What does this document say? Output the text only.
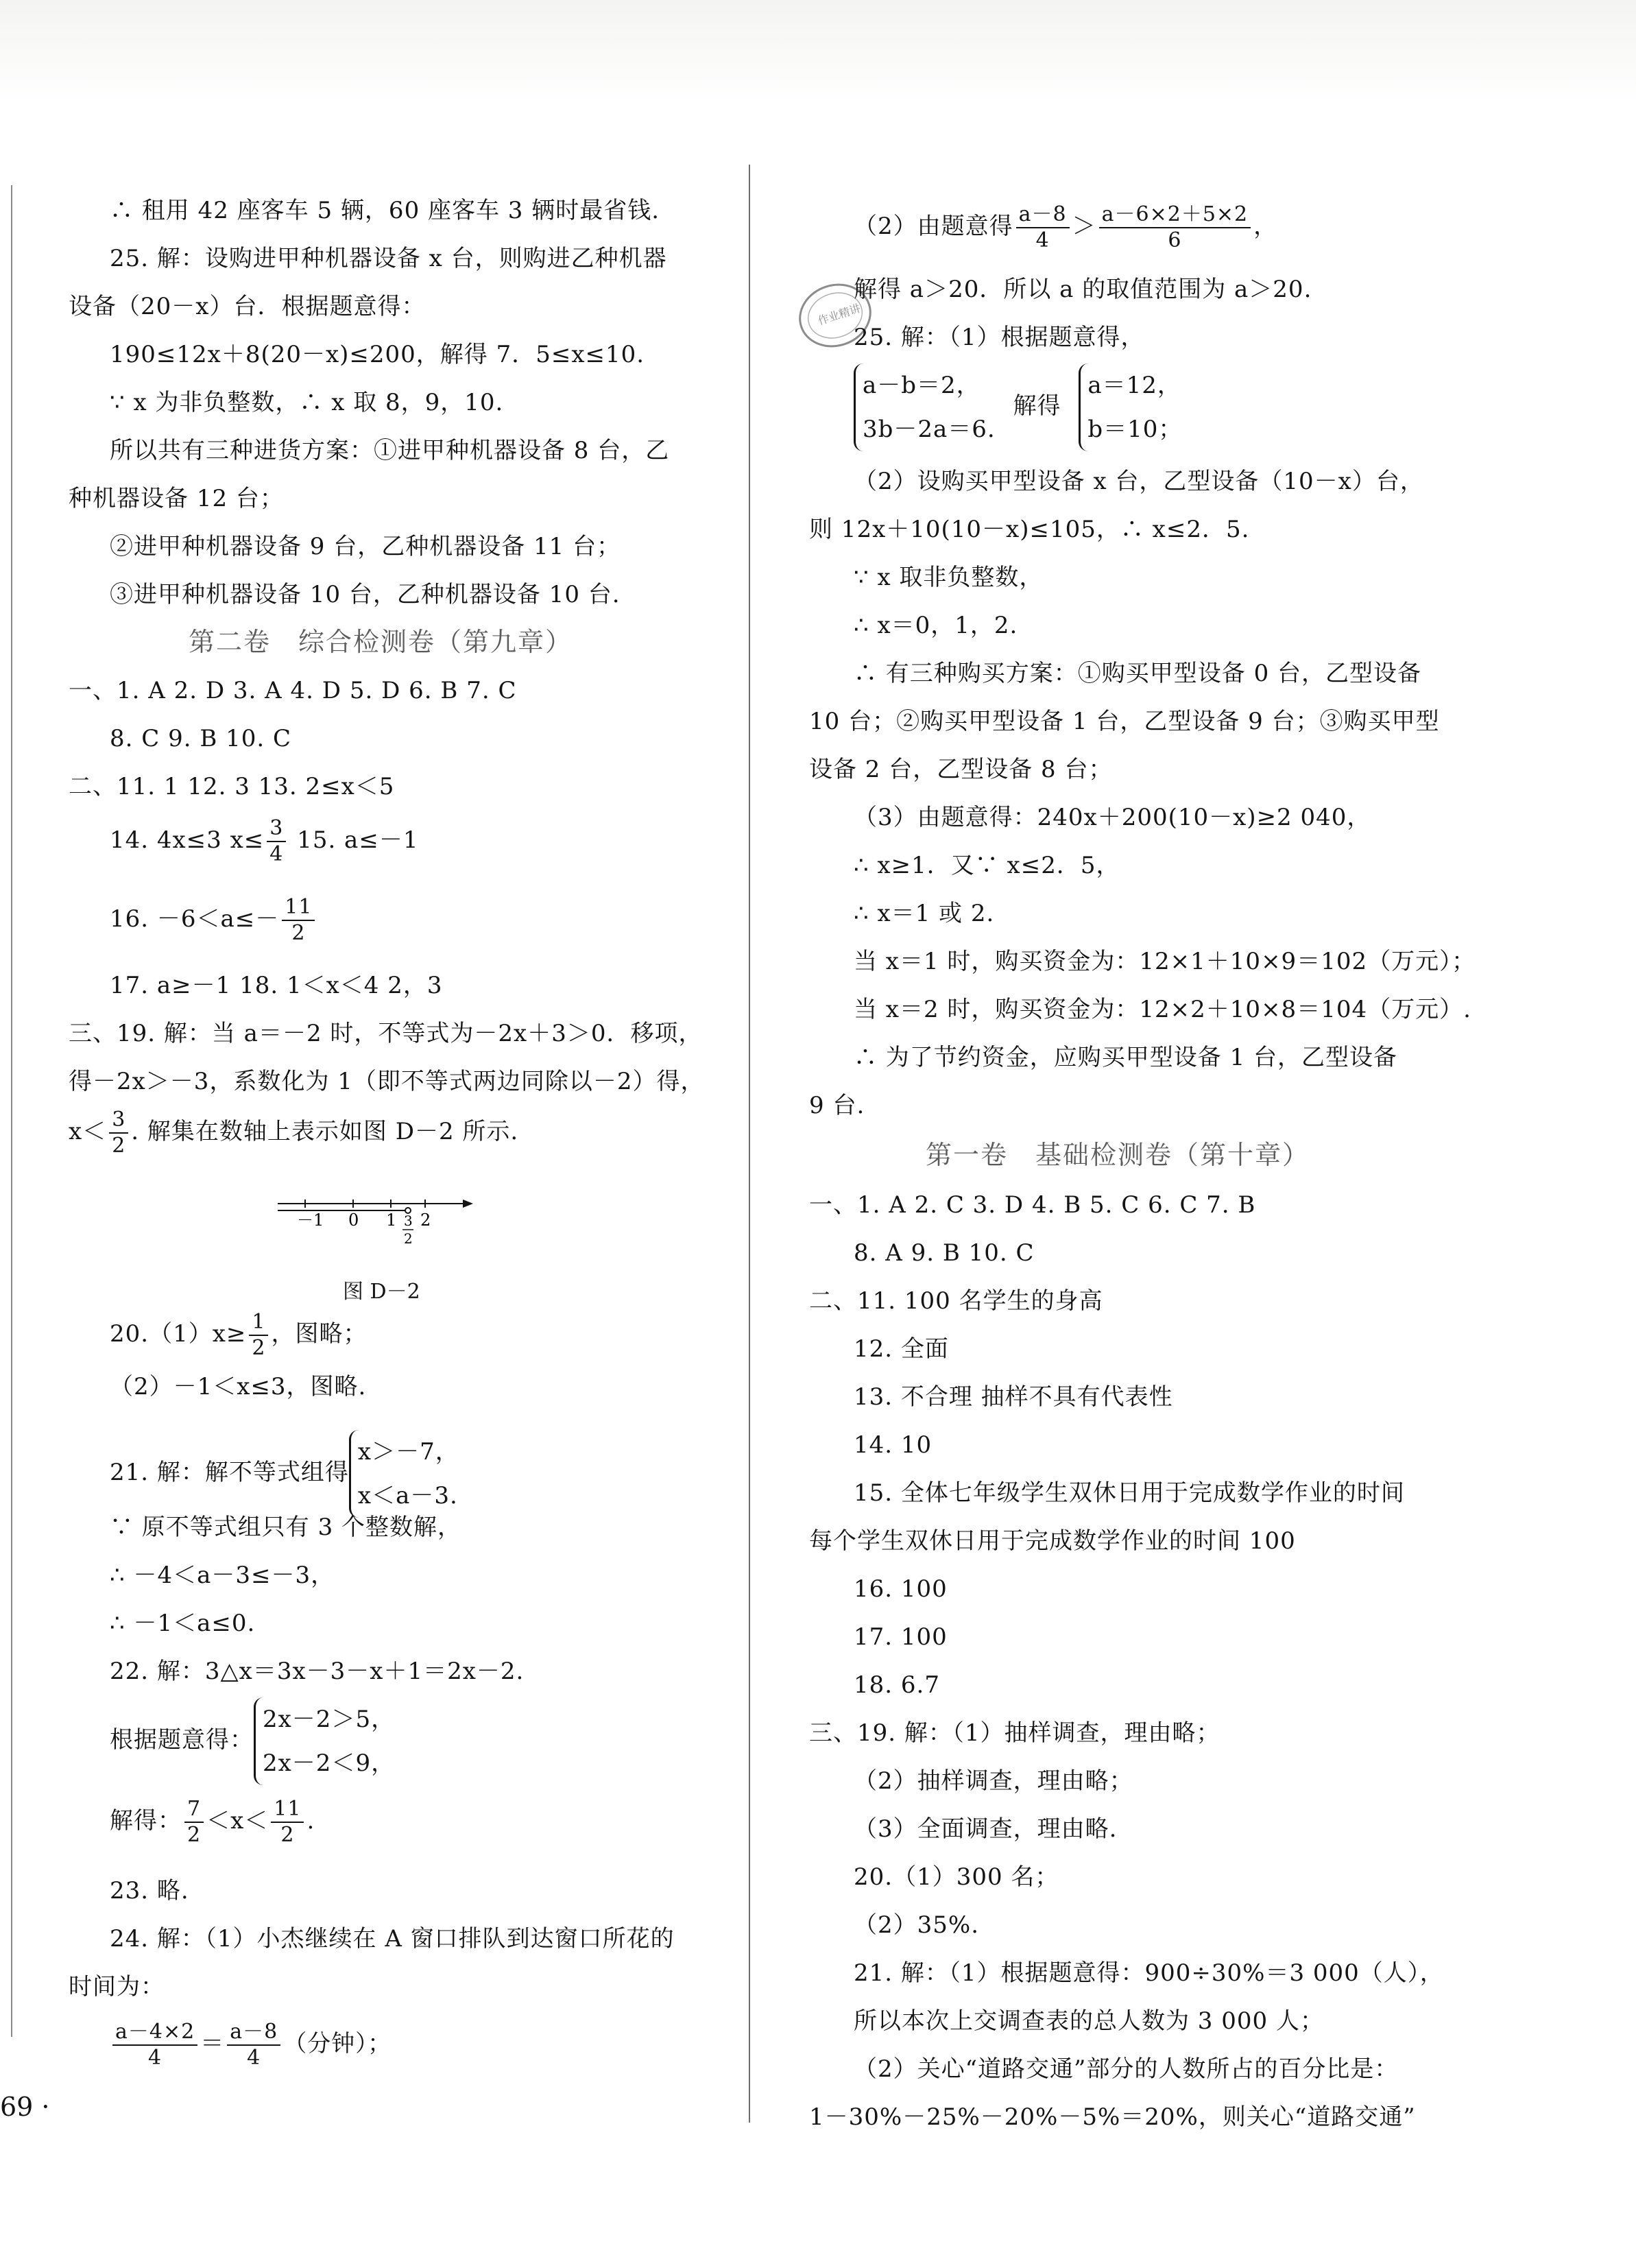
∴ 租用 42 座客车 5 辆，60 座客车 3 辆时最省钱.
25. 解：设购进甲种机器设备 x 台，则购进乙种机器
设备（20－x）台．根据题意得：
190≤12x＋8(20－x)≤200，解得 7．5≤x≤10.
∵ x 为非负整数，∴ x 取 8，9，10.
所以共有三种进货方案：①进甲种机器设备 8 台，乙
种机器设备 12 台；
②进甲种机器设备 9 台，乙种机器设备 11 台；
③进甲种机器设备 10 台，乙种机器设备 10 台.
第二卷　综合检测卷（第九章）
一、1. A 2. D 3. A 4. D 5. D 6. B 7. C
8. C 9. B 10. C
二、11. 1 12. 3 13. 2≤x＜5
14. 4x≤3 $x\le \frac{3}{4} 15$. a≤－1
16. $-6<a\le- \frac{11}{2}$
17. a≥－1 18. 1＜x＜4 2，3
三、19. 解：当 a＝－2 时，不等式为－2x＋3＞0．移项，
得－2x＞－3，系数化为 1（即不等式两边同除以－2）得，
$x< \frac{3}{2}$ . 解集在数轴上表示如图 D－2 所示.
－1 0 1 2
3
2
图 D－2
$20.(1)x\ge \frac{1}{2}$ ，图略；
（2）－1＜x≤3，图略.
21. 解：解不等式组得
x＞－7，
x＜a－3.
∵ 原不等式组只有 3 个整数解，
∴ －4＜a－3≤－3，
∴ －1＜a≤0.
22. 解：3△x＝3x－3－x＋1＝2x－2.
根据题意得：
2x－2＞5，
2x－2＜9，
解得： $\frac{7}{2} <x< \frac{11}{2}$ .
23. 略.
24. 解：（1）小杰继续在 A 窗口排队到达窗口所花的
时间为：
$\frac{a-4\times 2}{4} = \frac{a-8}{4}$ （分钟）；
作业精讲
（2）由题意得 $\frac{a-8}{4} > \frac{a-6\times 2+5\times 2}{6}$ ，
解得 a＞20．所以 a 的取值范围为 a＞20.
25. 解：（1）根据题意得，
a－b＝2，
3b－2a＝6.
解得
a＝12，
b＝10；
（2）设购买甲型设备 x 台，乙型设备（10－x）台，
则 12x＋10(10－x)≤105，∴ x≤2．5.
∵ x 取非负整数，
∴ x＝0，1，2.
∴ 有三种购买方案：①购买甲型设备 0 台，乙型设备
10 台；②购买甲型设备 1 台，乙型设备 9 台；③购买甲型
设备 2 台，乙型设备 8 台；
（3）由题意得：240x＋200(10－x)≥2 040，
∴ x≥1．又∵ x≤2．5，
∴ x＝1 或 2.
当 x＝1 时，购买资金为：12×1＋10×9＝102（万元）；
当 x＝2 时，购买资金为：12×2＋10×8＝104（万元）.
∴ 为了节约资金，应购买甲型设备 1 台，乙型设备
9 台.
第一卷　基础检测卷（第十章）
一、1. A 2. C 3. D 4. B 5. C 6. C 7. B
8. A 9. B 10. C
二、11. 100 名学生的身高
12. 全面
13. 不合理 抽样不具有代表性
14. 10
15. 全体七年级学生双休日用于完成数学作业的时间
每个学生双休日用于完成数学作业的时间 100
16. 100
17. 100
18. 6.7
三、19. 解：（1）抽样调查，理由略；
（2）抽样调查，理由略；
（3）全面调查，理由略.
20.（1）300 名；
（2）35%.
21. 解：（1）根据题意得：900÷30%＝3 000（人），
所以本次上交调查表的总人数为 3 000 人；
（2）关心“道路交通”部分的人数所占的百分比是：
1－30%－25%－20%－5%＝20%，则关心“道路交通”
69 ·
